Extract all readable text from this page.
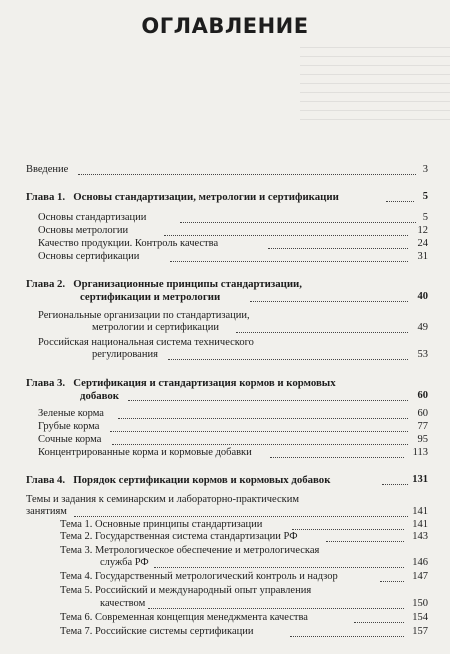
ОГЛАВЛЕНИЕ
Введение	3
Глава 1.   Основы стандартизации, метрологии и сертификации	5
Основы стандартизации	5
Основы метрологии	12
Качество продукции. Контроль качества	24
Основы сертификации	31
Глава 2.   Организационные принципы стандартизации,
сертификации и метрологии	40
Региональные организации по стандартизации,
метрологии и сертификации	49
Российская национальная система технического
регулирования	53
Глава 3.   Сертификация и стандартизация кормов и кормовых
добавок	60
Зеленые корма	60
Грубые корма	77
Сочные корма	95
Концентрированные корма и кормовые добавки	113
Глава 4.   Порядок сертификации кормов и кормовых добавок	131
Темы и задания к семинарским и лабораторно-практическим
занятиям	141
Тема 1. Основные принципы стандартизации	141
Тема 2. Государственная система стандартизации РФ	143
Тема 3. Метрологическое обеспечение и метрологическая
служба РФ	146
Тема 4. Государственный метрологический контроль и надзор	147
Тема 5. Российский и международный опыт управления
качеством	150
Тема 6. Современная концепция менеджмента качества	154
Тема 7. Российские системы сертификации	157
